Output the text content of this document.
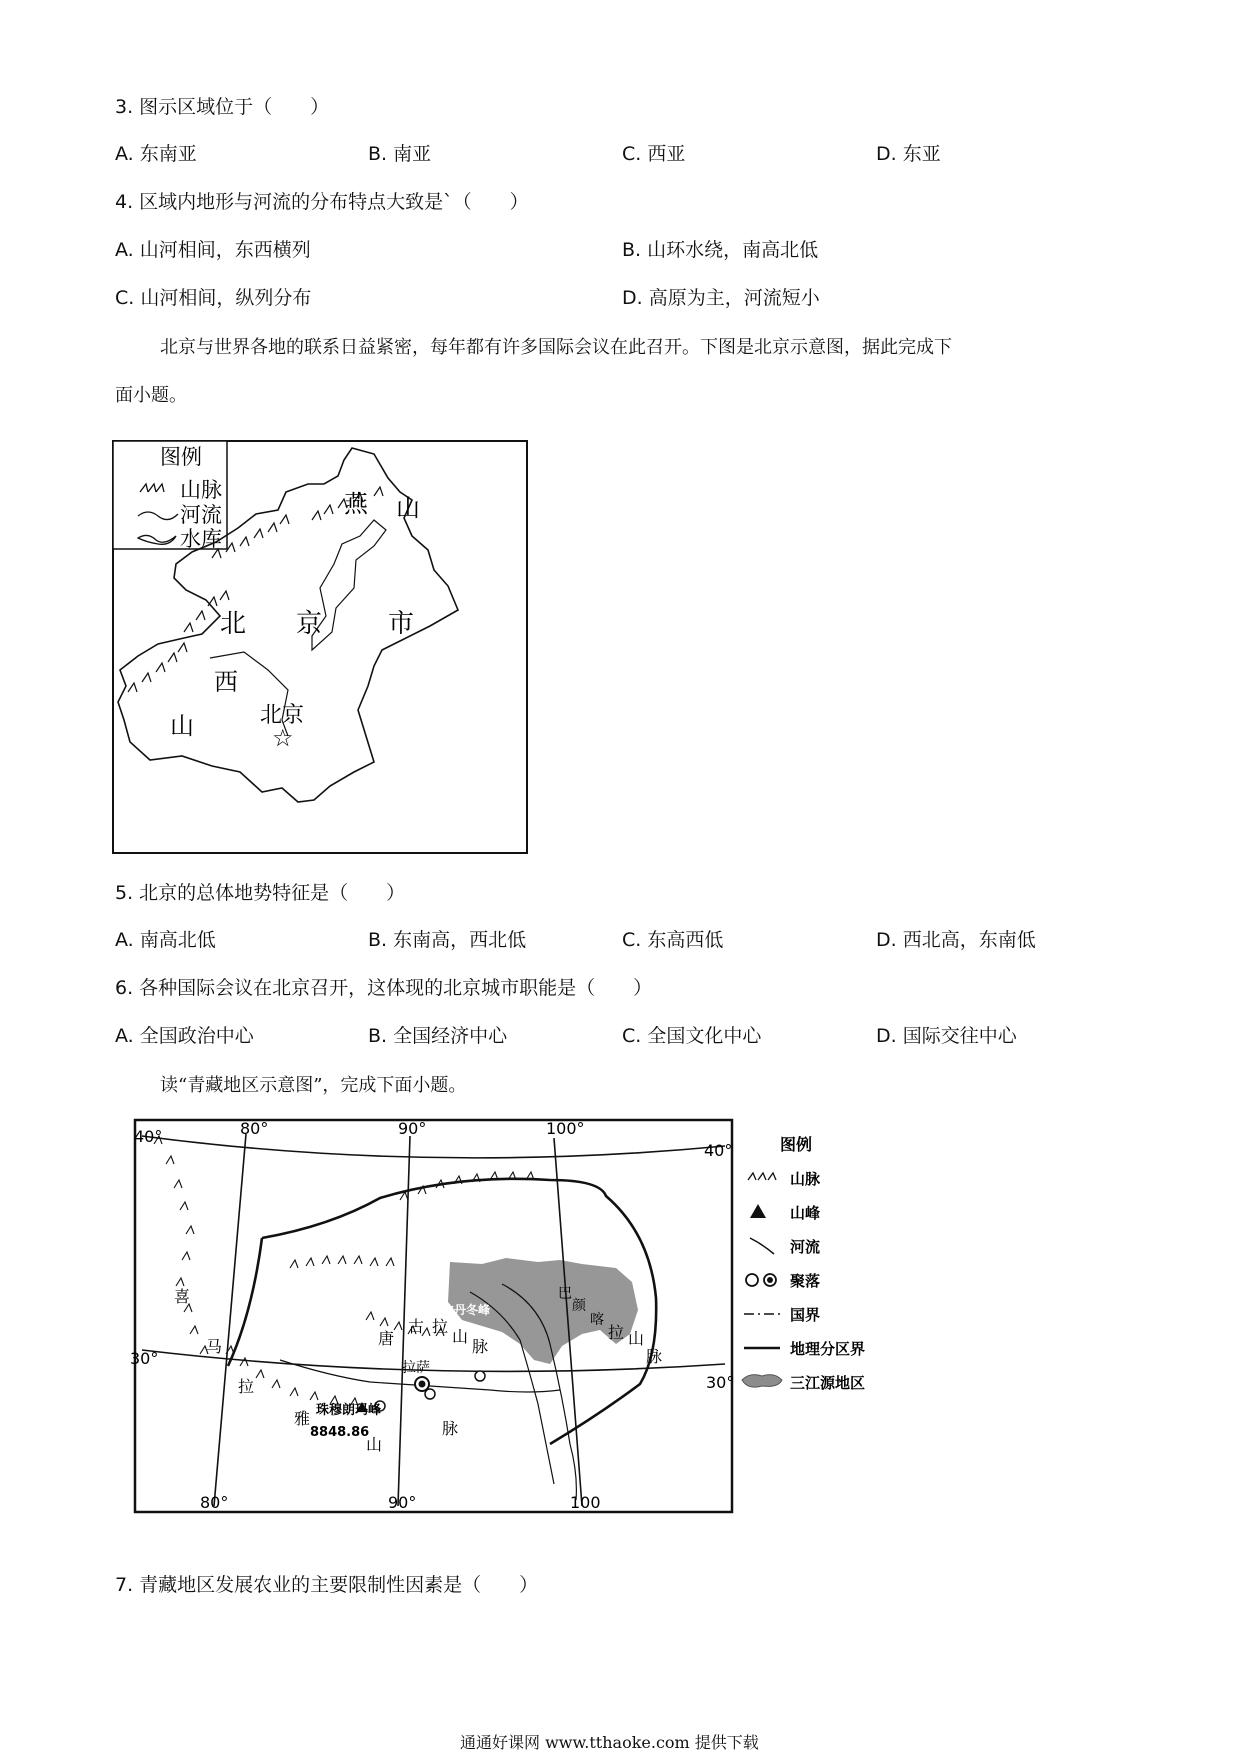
3. 图示区域位于（　　）
A. 东南亚	B. 南亚	C. 西亚	D. 东亚
4. 区域内地形与河流的分布特点大致是`（　　）
A. 山河相间，东西横列	B. 山环水绕，南高北低
C. 山河相间，纵列分布	D. 高原为主，河流短小
北京与世界各地的联系日益紧密，每年都有许多国际会议在此召开。下图是北京示意图，据此完成下
面小题。
图例
山脉
河流
水库
燕 山
北 京	市
西
山	北京
☆
5. 北京的总体地势特征是（　　）
A. 南高北低	B. 东南高，西北低	C. 东高西低	D. 西北高，东南低
6. 各种国际会议在北京召开，这体现的北京城市职能是（　　）
A. 全国政治中心	B. 全国经济中心	C. 全国文化中心	D. 国际交往中心
读“青藏地区示意图”，完成下面小题。
40°
40°
30°
30°
80°	90°	100°
80°	90°	100
喜
马
拉
雅
山
脉
唐
古 拉
山
脉
拉萨
珠穆朗玛峰
8848.86
各拉丹冬峰
巴
颜
喀
拉 山
脉
图例
山脉
山峰
河流
聚落
国界
地理分区界
三江源地区
7. 青藏地区发展农业的主要限制性因素是（　　）
通通好课网 www.tthaoke.com 提供下载
